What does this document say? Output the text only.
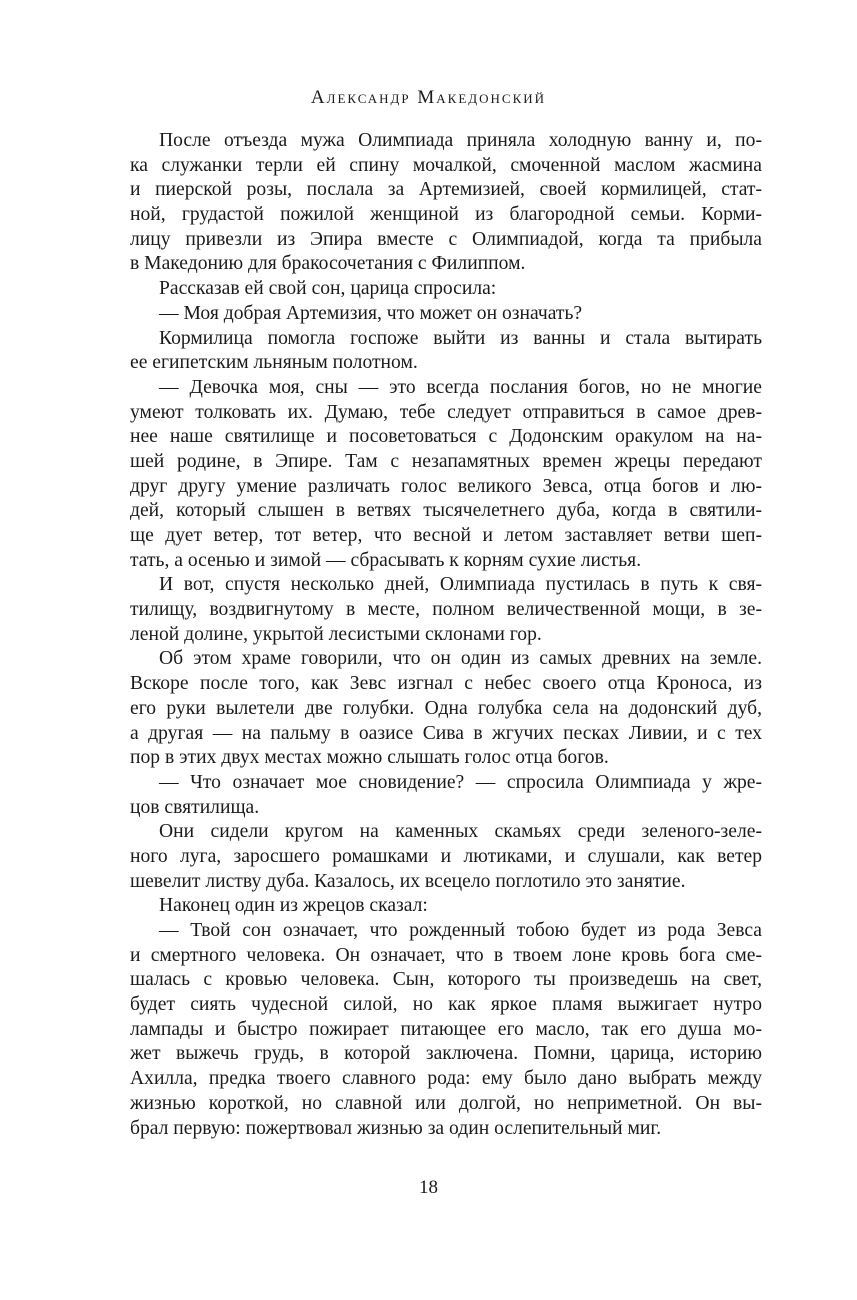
Александр Македонский
После отъезда мужа Олимпиада приняла холодную ванну и, по-
ка служанки терли ей спину мочалкой, смоченной маслом жасмина
и пиерской розы, послала за Артемизией, своей кормилицей, стат-
ной, грудастой пожилой женщиной из благородной семьи. Корми-
лицу привезли из Эпира вместе с Олимпиадой, когда та прибыла
в Македонию для бракосочетания с Филиппом.
Рассказав ей свой сон, царица спросила:
— Моя добрая Артемизия, что может он означать?
Кормилица помогла госпоже выйти из ванны и стала вытирать
ее египетским льняным полотном.
— Девочка моя, сны — это всегда послания богов, но не многие
умеют толковать их. Думаю, тебе следует отправиться в самое древ-
нее наше святилище и посоветоваться с Додонским оракулом на на-
шей родине, в Эпире. Там с незапамятных времен жрецы передают
друг другу умение различать голос великого Зевса, отца богов и лю-
дей, который слышен в ветвях тысячелетнего дуба, когда в святили-
ще дует ветер, тот ветер, что весной и летом заставляет ветви шеп-
тать, а осенью и зимой — сбрасывать к корням сухие листья.
И вот, спустя несколько дней, Олимпиада пустилась в путь к свя-
тилищу, воздвигнутому в месте, полном величественной мощи, в зе-
леной долине, укрытой лесистыми склонами гор.
Об этом храме говорили, что он один из самых древних на земле.
Вскоре после того, как Зевс изгнал с небес своего отца Кроноса, из
его руки вылетели две голубки. Одна голубка села на додонский дуб,
а другая — на пальму в оазисе Сива в жгучих песках Ливии, и с тех
пор в этих двух местах можно слышать голос отца богов.
— Что означает мое сновидение? — спросила Олимпиада у жре-
цов святилища.
Они сидели кругом на каменных скамьях среди зеленого-зеле-
ного луга, заросшего ромашками и лютиками, и слушали, как ветер
шевелит листву дуба. Казалось, их всецело поглотило это занятие.
Наконец один из жрецов сказал:
— Твой сон означает, что рожденный тобою будет из рода Зевса
и смертного человека. Он означает, что в твоем лоне кровь бога сме-
шалась с кровью человека. Сын, которого ты произведешь на свет,
будет сиять чудесной силой, но как яркое пламя выжигает нутро
лампады и быстро пожирает питающее его масло, так его душа мо-
жет выжечь грудь, в которой заключена. Помни, царица, историю
Ахилла, предка твоего славного рода: ему было дано выбрать между
жизнью короткой, но славной или долгой, но неприметной. Он вы-
брал первую: пожертвовал жизнью за один ослепительный миг.
18
